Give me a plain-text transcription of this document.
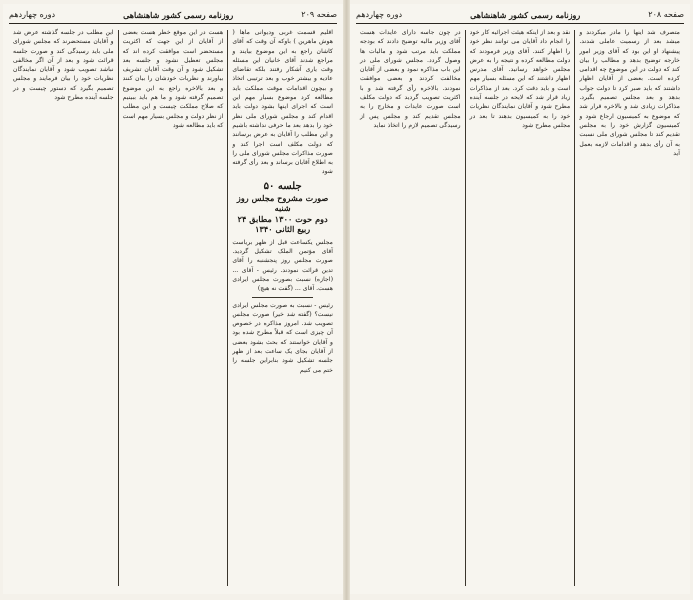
صفحه ۲۰۹
روزنامه رسمی کشور شاهنشاهی
دوره چهاردهم

اقلیم قسمت غربی ودیوانی ماها ( هوش ماهرین ) باوکه آن وقت که آقای کاشان راجع به این موضوع بیایند و مراجع شدند آقای خانیان این مسئله وقت یاری آشکار رفتند بلکه تقاضای عادیه و بیشتر خوب و بعد ترتیبی اتخاذ و بیچون اقدامات موقت مملکت باید مطالعه کرد موضوع بسیار مهم این است که اجرای اینها بشود دولت باید اقدام کند و مجلس شورای ملی نظر خود را بدهد بعد ما حرفی نداشته باشیم و این مطلب را آقایان به عرض برسانند که دولت مکلف است اجرا کند و صورت مذاکرات مجلس شورای ملی را به اطلاع آقایان برساند و بعد رأی گرفته شود

جلسه ۵۰
صورت مشروح مجلس روز شنبه
دوم حوت ۱۳۰۰ مطابق ۲۴ ربیع الثانی ۱۳۴۰

مجلس یکساعت قبل از ظهر بریاست آقای مؤتمن الملک تشکیل گردید. صورت مجلس روز پنجشنبه را آقای تدین قرائت نمودند. رئیس - آقای ... (اجازه) نسبت بصورت مجلس ایرادی هست. آقای ... (گفت نه هیچ)

رئیس - نسبت به صورت مجلس ایرادی نیست؟ (گفته شد خیر) صورت مجلس تصویب شد. امروز مذاکره در خصوص آن چیزی است که قبلاً مطرح شده بود و آقایان خواستند که بحث بشود بعضی از آقایان بجای یک ساعت بعد از ظهر جلسه تشکیل شود بنابراین جلسه را ختم می کنیم

هست در این موقع خطر هست بعضی از آقایان از این جهت که اکثریت مستحضر است موافقت کرده اند که مجلس تعطیل نشود و جلسه بعد تشکیل شود و آن وقت آقایان تشریف بیاورند و نظریات خودشان را بیان کنند و بعد بالاخره راجع به این موضوع تصمیم گرفته شود و ما هم باید ببینیم که صلاح مملکت چیست و این مطلب از نظر دولت و مجلس بسیار مهم است که باید مطالعه شود

این مطلب در جلسه گذشته عرض شد و آقایان مستحضرند که مجلس شورای ملی باید رسیدگی کند و صورت جلسه قرائت شود و بعد از آن اگر مخالفی نباشد تصویب شود و آقایان نمایندگان نظریات خود را بیان فرمایند و مجلس تصمیم بگیرد که دستور چیست و در جلسه آینده مطرح شود

صفحه ۲۰۸
روزنامه رسمی کشور شاهنشاهی
دوره چهاردهم

متصرف شد اینها را مادر میکردند و میشد بعد از رسمیت عاملی شدند. پیشنهاد او این بود که آقای وزیر امور خارجه توضیح بدهد و مطالب را بیان کند که دولت در این موضوع چه اقدامی کرده است. بعضی از آقایان اظهار داشتند که باید صبر کرد تا دولت جواب بدهد و بعد مجلس تصمیم بگیرد. مذاکرات زیادی شد و بالاخره قرار شد که موضوع به کمیسیون ارجاع شود و کمیسیون گزارش خود را به مجلس تقدیم کند تا مجلس شورای ملی نسبت به آن رأی بدهد و اقدامات لازمه بعمل آید

نقد و بعد از اینکه هیئت اجرائیه کار خود را انجام داد آقایان می توانند نظر خود را اظهار کنند. آقای وزیر فرمودند که دولت مطالعه کرده و نتیجه را به عرض مجلس خواهد رسانید. آقای مدرس اظهار داشتند که این مسئله بسیار مهم است و باید دقت کرد. بعد از مذاکرات زیاد قرار شد که لایحه در جلسه آینده مطرح شود و آقایان نمایندگان نظریات خود را به کمیسیون بدهند تا بعد در مجلس مطرح شود

در چون جاسه دارای عایدات هست آقای وزیر مالیه توضیح دادند که بودجه مملکت باید مرتب شود و مالیات ها وصول گردد. مجلس شورای ملی در این باب مذاکره نمود و بعضی از آقایان مخالفت کردند و بعضی موافقت نمودند. بالاخره رأی گرفته شد و با اکثریت تصویب گردید که دولت مکلف است صورت عایدات و مخارج را به مجلس تقدیم کند و مجلس پس از رسیدگی تصمیم لازم را اتخاذ نماید
